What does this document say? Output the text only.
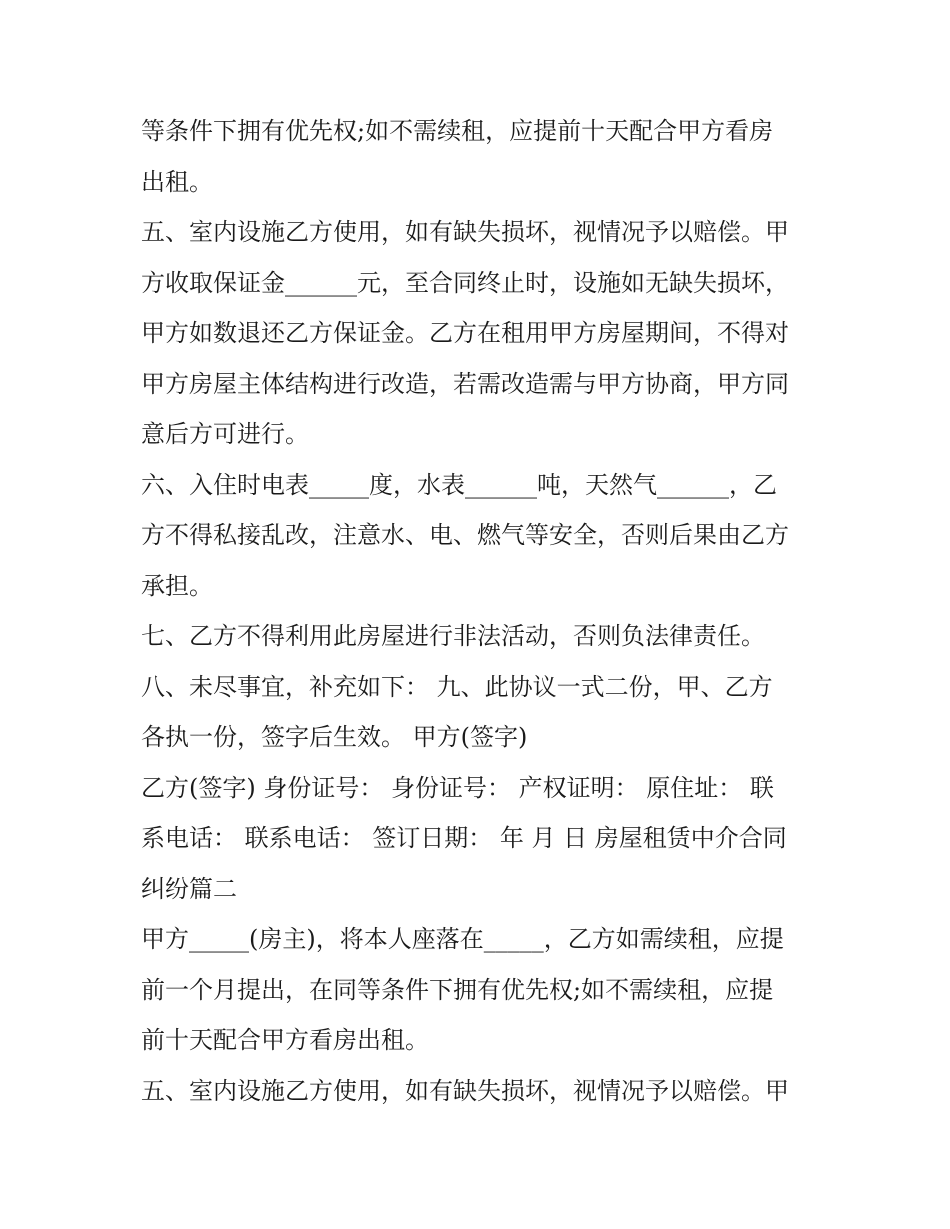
等条件下拥有优先权;如不需续租，应提前十天配合甲方看房
出租。
五、室内设施乙方使用，如有缺失损坏，视情况予以赔偿。甲
方收取保证金______元，至合同终止时，设施如无缺失损坏，
甲方如数退还乙方保证金。乙方在租用甲方房屋期间，不得对
甲方房屋主体结构进行改造，若需改造需与甲方协商，甲方同
意后方可进行。
六、入住时电表_____度，水表______吨，天然气______，乙
方不得私接乱改，注意水、电、燃气等安全，否则后果由乙方
承担。
七、乙方不得利用此房屋进行非法活动，否则负法律责任。
八、未尽事宜，补充如下： 九、此协议一式二份，甲、乙方
各执一份，签字后生效。 甲方(签字)
乙方(签字) 身份证号： 身份证号： 产权证明： 原住址： 联
系电话： 联系电话： 签订日期： 年 月 日 房屋租赁中介合同
纠纷篇二
甲方_____(房主)，将本人座落在_____，乙方如需续租，应提
前一个月提出，在同等条件下拥有优先权;如不需续租，应提
前十天配合甲方看房出租。
五、室内设施乙方使用，如有缺失损坏，视情况予以赔偿。甲
